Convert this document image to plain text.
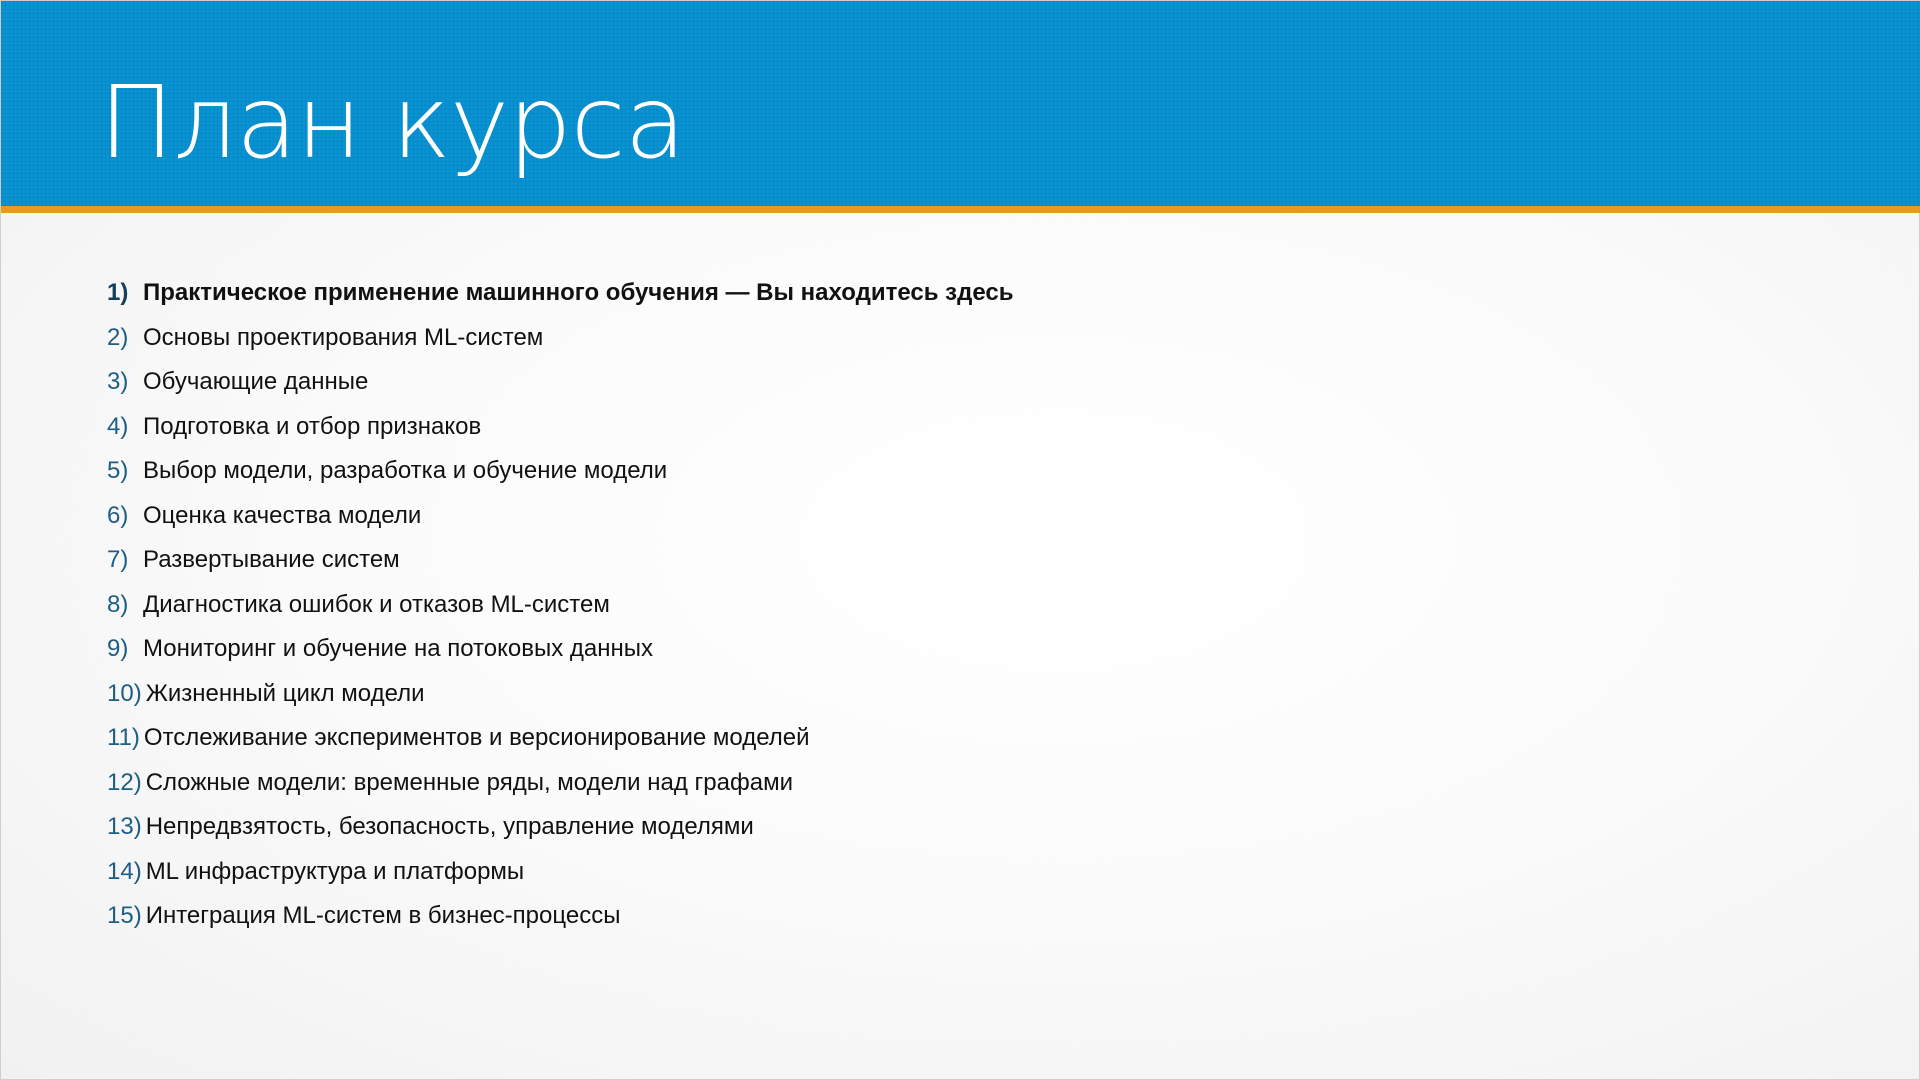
План курса
1) Практическое применение машинного обучения — Вы находитесь здесь
2) Основы проектирования ML-систем
3) Обучающие данные
4) Подготовка и отбор признаков
5) Выбор модели, разработка и обучение модели
6) Оценка качества модели
7) Развертывание систем
8) Диагностика ошибок и отказов ML-систем
9) Мониторинг и обучение на потоковых данных
10) Жизненный цикл модели
11) Отслеживание экспериментов и версионирование моделей
12) Сложные модели: временные ряды, модели над графами
13) Непредвзятость, безопасность, управление моделями
14) ML инфраструктура и платформы
15) Интеграция ML-систем в бизнес-процессы
